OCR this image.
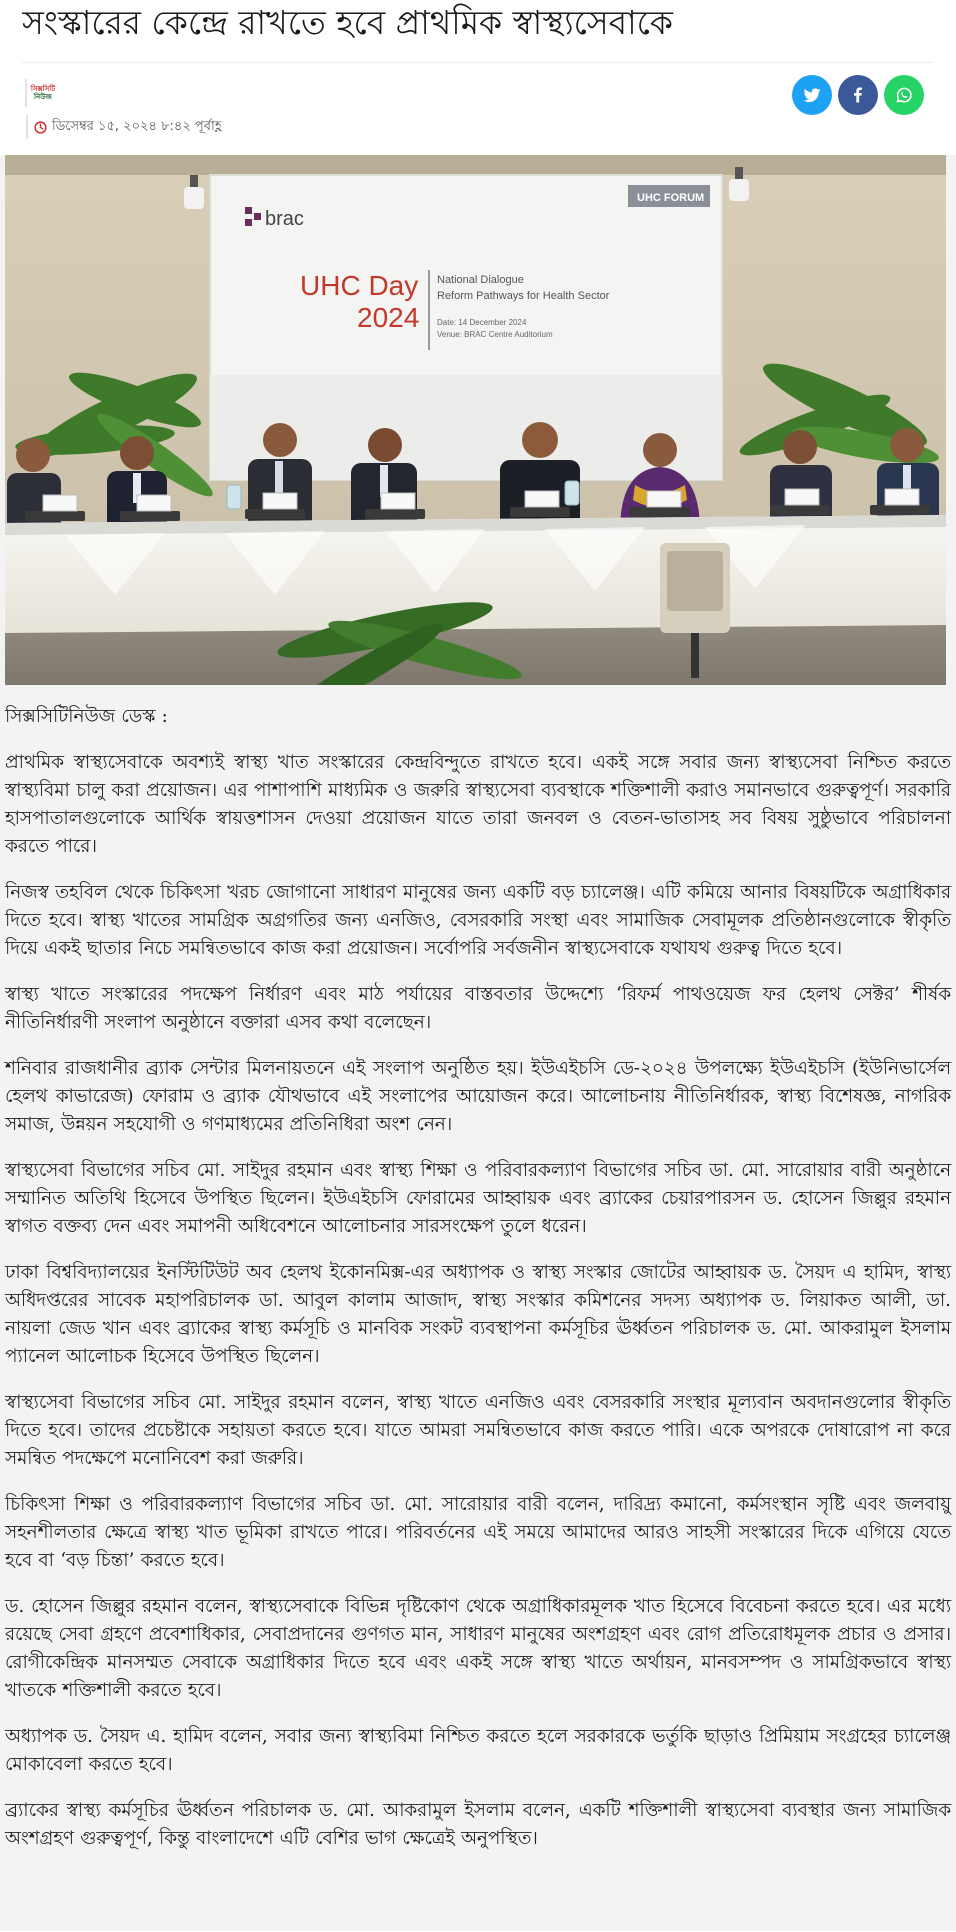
সংস্কারের কেন্দ্রে রাখতে হবে প্রাথমিক স্বাস্থ্যসেবাকে
সিক্সসিটি
নিউজ
ডিসেম্বর ১৫, ২০২৪ ৮:৪২ পূর্বাহ্ণ
brac
UHC FORUM
UHC Day
2024
National Dialogue
Reform Pathways for Health Sector
Date: 14 December 2024
Venue: BRAC Centre Auditorium
সিক্সসিটিনিউজ ডেস্ক :

প্রাথমিক স্বাস্থ্যসেবাকে অবশ্যই স্বাস্থ্য খাত সংস্কারের কেন্দ্রবিন্দুতে রাখতে হবে। একই সঙ্গে সবার জন্য স্বাস্থ্যসেবা নিশ্চিত করতে স্বাস্থ্যবিমা চালু করা প্রয়োজন। এর পাশাপাশি মাধ্যমিক ও জরুরি স্বাস্থ্যসেবা ব্যবস্থাকে শক্তিশালী করাও সমানভাবে গুরুত্বপূর্ণ। সরকারি হাসপাতালগুলোকে আর্থিক স্বায়ত্তশাসন দেওয়া প্রয়োজন যাতে তারা জনবল ও বেতন-ভাতাসহ সব বিষয় সুষ্ঠুভাবে পরিচালনা করতে পারে।

নিজস্ব তহবিল থেকে চিকিৎসা খরচ জোগানো সাধারণ মানুষের জন্য একটি বড় চ্যালেঞ্জ। এটি কমিয়ে আনার বিষয়টিকে অগ্রাধিকার দিতে হবে। স্বাস্থ্য খাতের সামগ্রিক অগ্রগতির জন্য এনজিও, বেসরকারি সংস্থা এবং সামাজিক সেবামূলক প্রতিষ্ঠানগুলোকে স্বীকৃতি দিয়ে একই ছাতার নিচে সমন্বিতভাবে কাজ করা প্রয়োজন। সর্বোপরি সর্বজনীন স্বাস্থ্যসেবাকে যথাযথ গুরুত্ব দিতে হবে।

স্বাস্থ্য খাতে সংস্কারের পদক্ষেপ নির্ধারণ এবং মাঠ পর্যায়ের বাস্তবতার উদ্দেশ্যে ‘রিফর্ম পাথওয়েজ ফর হেলথ সেক্টর’ শীর্ষক নীতিনির্ধারণী সংলাপ অনুষ্ঠানে বক্তারা এসব কথা বলেছেন।

শনিবার রাজধানীর ব্র্যাক সেন্টার মিলনায়তনে এই সংলাপ অনুষ্ঠিত হয়। ইউএইচসি ডে-২০২৪ উপলক্ষ্যে ইউএইচসি (ইউনিভার্সেল হেলথ কাভারেজ) ফোরাম ও ব্র্যাক যৌথভাবে এই সংলাপের আয়োজন করে। আলোচনায় নীতিনির্ধারক, স্বাস্থ্য বিশেষজ্ঞ, নাগরিক সমাজ, উন্নয়ন সহযোগী ও গণমাধ্যমের প্রতিনিধিরা অংশ নেন।

স্বাস্থ্যসেবা বিভাগের সচিব মো. সাইদুর রহমান এবং স্বাস্থ্য শিক্ষা ও পরিবারকল্যাণ বিভাগের সচিব ডা. মো. সারোয়ার বারী অনুষ্ঠানে সম্মানিত অতিথি হিসেবে উপস্থিত ছিলেন। ইউএইচসি ফোরামের আহ্বায়ক এবং ব্র্যাকের চেয়ারপারসন ড. হোসেন জিল্লুর রহমান স্বাগত বক্তব্য দেন এবং সমাপনী অধিবেশনে আলোচনার সারসংক্ষেপ তুলে ধরেন।

ঢাকা বিশ্ববিদ্যালয়ের ইনস্টিটিউট অব হেলথ ইকোনমিক্স-এর অধ্যাপক ও স্বাস্থ্য সংস্কার জোটের আহ্বায়ক ড. সৈয়দ এ হামিদ, স্বাস্থ্য অধিদপ্তরের সাবেক মহাপরিচালক ডা. আবুল কালাম আজাদ, স্বাস্থ্য সংস্কার কমিশনের সদস্য অধ্যাপক ড. লিয়াকত আলী, ডা. নায়লা জেড খান এবং ব্র্যাকের স্বাস্থ্য কর্মসূচি ও মানবিক সংকট ব্যবস্থাপনা কর্মসূচির ঊর্ধ্বতন পরিচালক ড. মো. আকরামুল ইসলাম প্যানেল আলোচক হিসেবে উপস্থিত ছিলেন।

স্বাস্থ্যসেবা বিভাগের সচিব মো. সাইদুর রহমান বলেন, স্বাস্থ্য খাতে এনজিও এবং বেসরকারি সংস্থার মূল্যবান অবদানগুলোর স্বীকৃতি দিতে হবে। তাদের প্রচেষ্টাকে সহায়তা করতে হবে। যাতে আমরা সমন্বিতভাবে কাজ করতে পারি। একে অপরকে দোষারোপ না করে সমন্বিত পদক্ষেপে মনোনিবেশ করা জরুরি।

চিকিৎসা শিক্ষা ও পরিবারকল্যাণ বিভাগের সচিব ডা. মো. সারোয়ার বারী বলেন, দারিদ্র্য কমানো, কর্মসংস্থান সৃষ্টি এবং জলবায়ু সহনশীলতার ক্ষেত্রে স্বাস্থ্য খাত ভূমিকা রাখতে পারে। পরিবর্তনের এই সময়ে আমাদের আরও সাহসী সংস্কারের দিকে এগিয়ে যেতে হবে বা ‘বড় চিন্তা’ করতে হবে।

ড. হোসেন জিল্লুর রহমান বলেন, স্বাস্থ্যসেবাকে বিভিন্ন দৃষ্টিকোণ থেকে অগ্রাধিকারমূলক খাত হিসেবে বিবেচনা করতে হবে। এর মধ্যে রয়েছে সেবা গ্রহণে প্রবেশাধিকার, সেবাপ্রদানের গুণগত মান, সাধারণ মানুষের অংশগ্রহণ এবং রোগ প্রতিরোধমূলক প্রচার ও প্রসার। রোগীকেন্দ্রিক মানসম্মত সেবাকে অগ্রাধিকার দিতে হবে এবং একই সঙ্গে স্বাস্থ্য খাতে অর্থায়ন, মানবসম্পদ ও সামগ্রিকভাবে স্বাস্থ্য খাতকে শক্তিশালী করতে হবে।

অধ্যাপক ড. সৈয়দ এ. হামিদ বলেন, সবার জন্য স্বাস্থ্যবিমা নিশ্চিত করতে হলে সরকারকে ভর্তুকি ছাড়াও প্রিমিয়াম সংগ্রহের চ্যালেঞ্জ মোকাবেলা করতে হবে।

ব্র্যাকের স্বাস্থ্য কর্মসূচির ঊর্ধ্বতন পরিচালক ড. মো. আকরামুল ইসলাম বলেন, একটি শক্তিশালী স্বাস্থ্যসেবা ব্যবস্থার জন্য সামাজিক অংশগ্রহণ গুরুত্বপূর্ণ, কিন্তু বাংলাদেশে এটি বেশির ভাগ ক্ষেত্রেই অনুপস্থিত।
